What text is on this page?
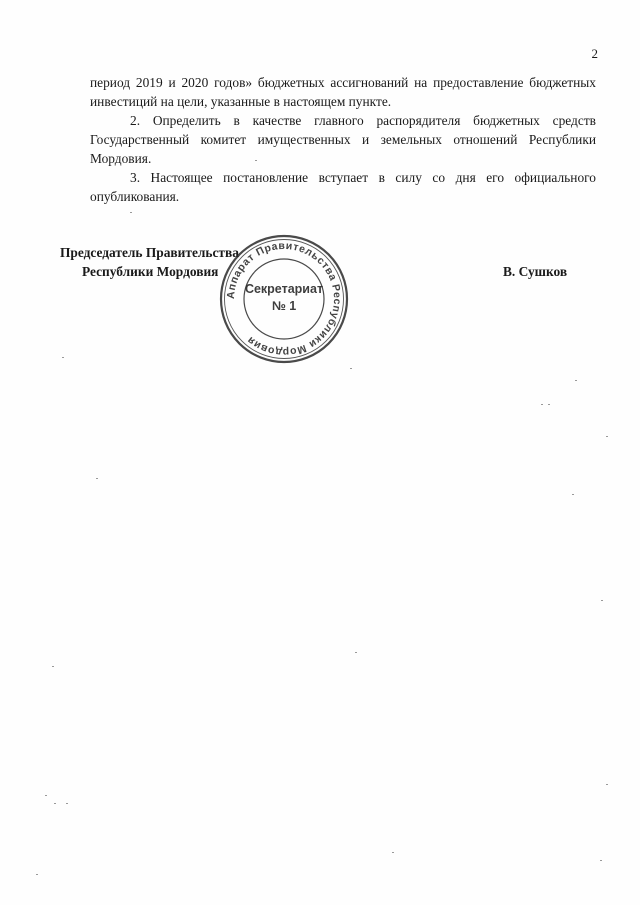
2

период 2019 и 2020 годов» бюджетных ассигнований на предоставление бюджетных инвестиций на цели, указанные в настоящем пункте.

2. Определить в качестве главного распорядителя бюджетных средств Государственный комитет имущественных и земельных отношений Республики Мордовия.

3. Настоящее постановление вступает в силу со дня его официального опубликования.

Председатель Правительства
Республики Мордовия	В. Сушков
Аппарат Правительства Республики Мордовия
Секретариат
№ 1
